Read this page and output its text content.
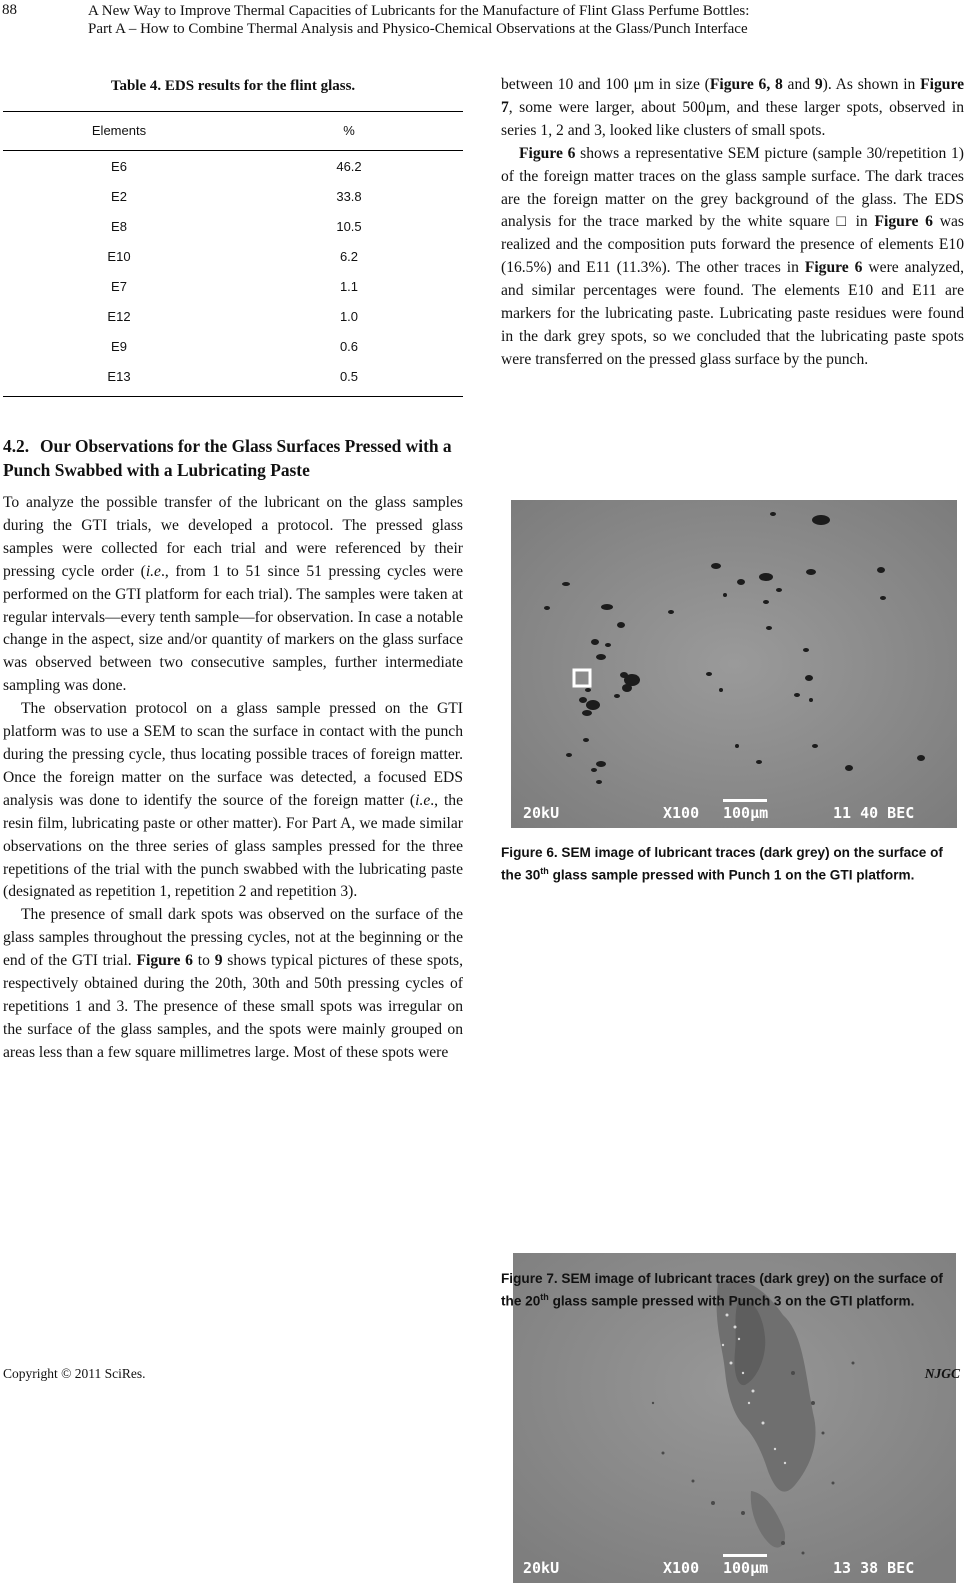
88	A New Way to Improve Thermal Capacities of Lubricants for the Manufacture of Flint Glass Perfume Bottles:
Part A – How to Combine Thermal Analysis and Physico-Chemical Observations at the Glass/Punch Interface
Table 4. EDS results for the flint glass.
Elements	%
E6	46.2
E2	33.8
E8	10.5
E10	6.2
E7	1.1
E12	1.0
E9	0.6
E13	0.5
4.2. Our Observations for the Glass Surfaces Pressed with a Punch Swabbed with a Lubricating Paste

To analyze the possible transfer of the lubricant on the glass samples during the GTI trials, we developed a protocol. The pressed glass samples were collected for each trial and were referenced by their pressing cycle order (i.e., from 1 to 51 since 51 pressing cycles were performed on the GTI platform for each trial). The samples were taken at regular intervals—every tenth sample—for observation. In case a notable change in the aspect, size and/or quantity of markers on the glass surface was observed between two consecutive samples, further intermediate sampling was done.

The observation protocol on a glass sample pressed on the GTI platform was to use a SEM to scan the surface in contact with the punch during the pressing cycle, thus locating possible traces of foreign matter. Once the foreign matter on the surface was detected, a focused EDS analysis was done to identify the source of the foreign matter (i.e., the resin film, lubricating paste or other matter). For Part A, we made similar observations on the three series of glass samples pressed for the three repetitions of the trial with the punch swabbed with the lubricating paste (designated as repetition 1, repetition 2 and repetition 3).

The presence of small dark spots was observed on the surface of the glass samples throughout the pressing cycles, not at the beginning or the end of the GTI trial. Figure 6 to 9 shows typical pictures of these spots, respectively obtained during the 20th, 30th and 50th pressing cycles of repetitions 1 and 3. The presence of these small spots was irregular on the surface of the glass samples, and the spots were mainly grouped on areas less than a few square millimetres large. Most of these spots were

between 10 and 100 μm in size (Figure 6, 8 and 9). As shown in Figure 7, some were larger, about 500μm, and these larger spots, observed in series 1, 2 and 3, looked like clusters of small spots.

Figure 6 shows a representative SEM picture (sample 30/repetition 1) of the foreign matter traces on the glass sample surface. The dark traces are the foreign matter on the grey background of the glass. The EDS analysis for the trace marked by the white square □ in Figure 6 was realized and the composition puts forward the presence of elements E10 (16.5%) and E11 (11.3%). The other traces in Figure 6 were analyzed, and similar percentages were found. The elements E10 and E11 are markers for the lubricating paste. Lubricating paste residues were found in the dark grey spots, so we concluded that the lubricating paste spots were transferred on the pressed glass surface by the punch.

20kU	X100 100μm	11 40 BEC
Figure 6. SEM image of lubricant traces (dark grey) on the surface of the 30th glass sample pressed with Punch 1 on the GTI platform.
20kU	X100 100μm	13 38 BEC
Figure 7. SEM image of lubricant traces (dark grey) on the surface of the 20th glass sample pressed with Punch 3 on the GTI platform.
Copyright © 2011 SciRes.	NJGC
